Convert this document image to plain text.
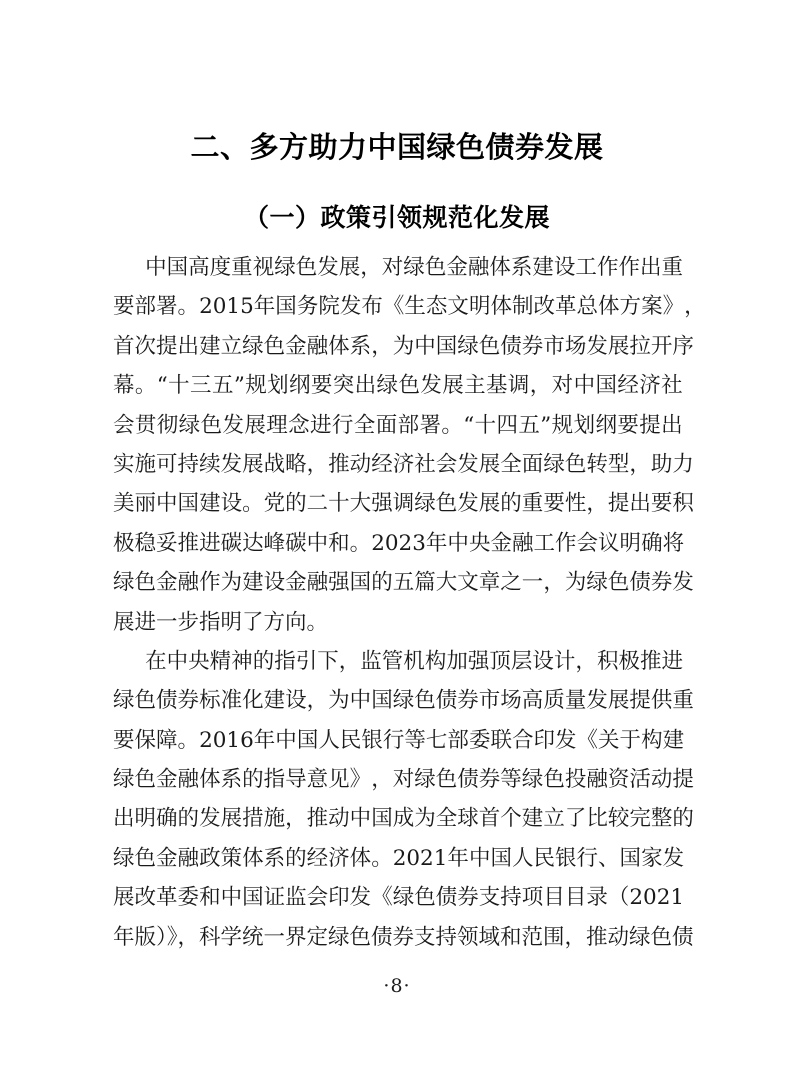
二、多方助力中国绿色债券发展
（一）政策引领规范化发展
中 国 高 度 重 视 绿 色 发 展 ， 对 绿 色 金 融 体 系 建 设 工 作 作 出 重
要 部 署 。 2015 年 国 务 院 发 布 《 生 态 文 明 体 制 改 革 总 体 方 案 》 ，
首 次 提 出 建 立 绿 色 金 融 体 系 ， 为 中 国 绿 色 债 券 市 场 发 展 拉 开 序
幕 。 “ 十 三 五 ” 规 划 纲 要 突 出 绿 色 发 展 主 基 调 ， 对 中 国 经 济 社
会 贯 彻 绿 色 发 展 理 念 进 行 全 面 部 署 。 “ 十 四 五 ” 规 划 纲 要 提 出
实 施 可 持 续 发 展 战 略 ， 推 动 经 济 社 会 发 展 全 面 绿 色 转 型 ， 助 力
美 丽 中 国 建 设 。 党 的 二 十 大 强 调 绿 色 发 展 的 重 要 性 ， 提 出 要 积
极 稳 妥 推 进 碳 达 峰 碳 中 和 。 2023 年 中 央 金 融 工 作 会 议 明 确 将
绿 色 金 融 作 为 建 设 金 融 强 国 的 五 篇 大 文 章 之 一 ， 为 绿 色 债 券 发
展进一步指明了方向。
在 中 央 精 神 的 指 引 下 ， 监 管 机 构 加 强 顶 层 设 计 ， 积 极 推 进
绿 色 债 券 标 准 化 建 设 ， 为 中 国 绿 色 债 券 市 场 高 质 量 发 展 提 供 重
要 保 障 。 2016 年 中 国 人 民 银 行 等 七 部 委 联 合 印 发 《 关 于 构 建
绿 色 金 融 体 系 的 指 导 意 见 》 ， 对 绿 色 债 券 等 绿 色 投 融 资 活 动 提
出 明 确 的 发 展 措 施 ， 推 动 中 国 成 为 全 球 首 个 建 立 了 比 较 完 整 的
绿 色 金 融 政 策 体 系 的 经 济 体 。 2021 年 中 国 人 民 银 行 、 国 家 发
展 改 革 委 和 中 国 证 监 会 印 发 《 绿 色 债 券 支 持 项 目 目 录 （ 2021
年版）》，科学统一界定绿色债券支持领域和范围，推动绿色债
·8·
